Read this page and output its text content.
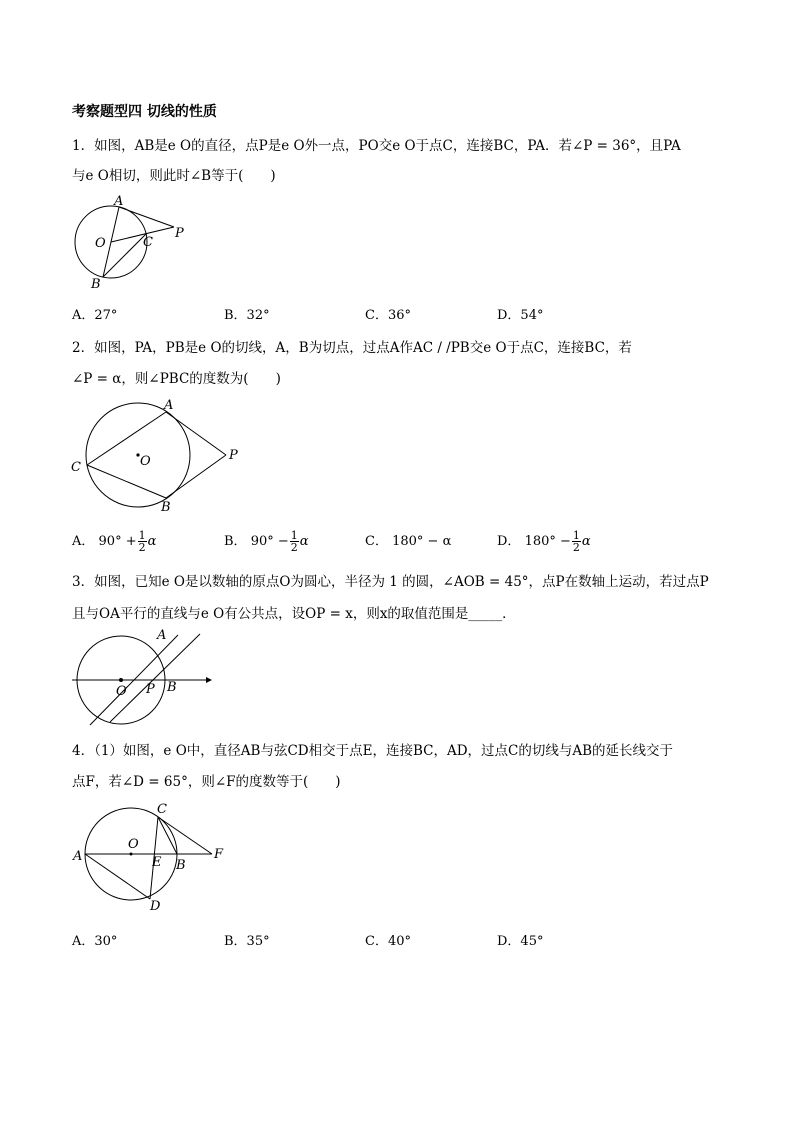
考察题型四 切线的性质
1．如图，AB是e O的直径，点P是e O外一点，PO交e O于点C，连接BC，PA．若∠P = 36°，且PA
与e O相切，则此时∠B等于(　　)
A
O	C
P
B
A．27°	B．32°	C．36°	D．54°
2．如图，PA，PB是e O的切线，A，B为切点，过点A作AC / /PB交e O于点C，连接BC，若
∠P = α，则∠PBC的度数为(　　)
A
O
C
P
B
A． $90^\circ + \frac{1}{2}$ α	B． $90^\circ - \frac{1}{2}$ α	C． 180° − α	D． $180^\circ - \frac{1}{2}$ α
3．如图，已知e O是以数轴的原点O为圆心，半径为 1 的圆，∠AOB = 45°，点P在数轴上运动，若过点P
且与OA平行的直线与e O有公共点，设OP = x，则x的取值范围是_____．
A
O P B
4．（1）如图，e O中，直径AB与弦CD相交于点E，连接BC，AD，过点C的切线与AB的延长线交于
点F，若∠D = 65°，则∠F的度数等于(　　)
C
O
A	E B
F
D
A．30°	B．35°	C．40°	D．45°
